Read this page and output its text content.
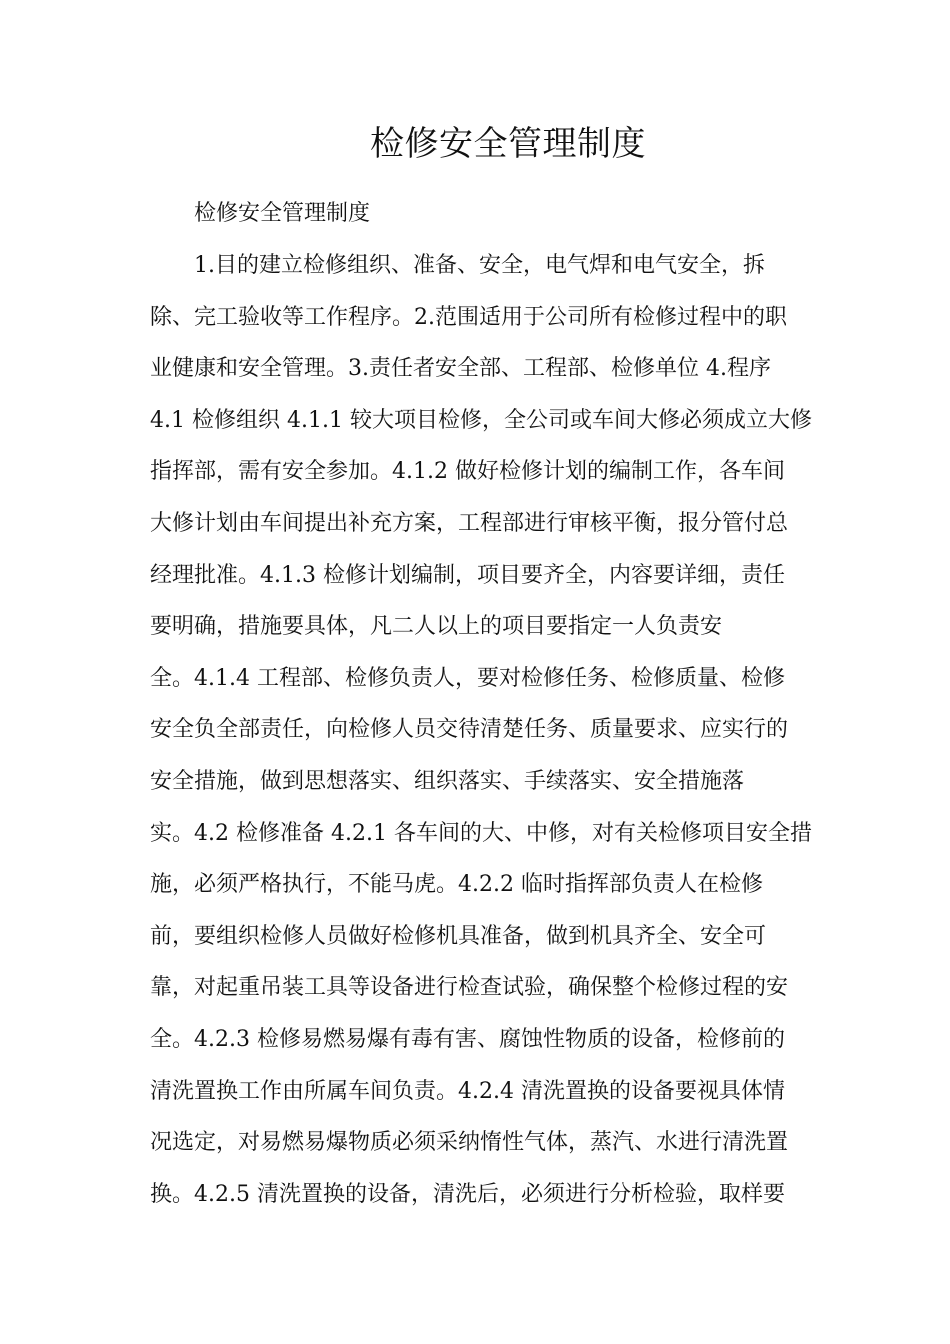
检修安全管理制度

检修安全管理制度

1.目的建立检修组织、准备、安全，电气焊和电气安全，拆
除、完工验收等工作程序。2.范围适用于公司所有检修过程中的职
业健康和安全管理。3.责任者安全部、工程部、检修单位 4.程序
4.1 检修组织 4.1.1 较大项目检修，全公司或车间大修必须成立大修
指挥部，需有安全参加。4.1.2 做好检修计划的编制工作，各车间
大修计划由车间提出补充方案，工程部进行审核平衡，报分管付总
经理批准。4.1.3 检修计划编制，项目要齐全，内容要详细，责任
要明确，措施要具体，凡二人以上的项目要指定一人负责安
全。4.1.4 工程部、检修负责人，要对检修任务、检修质量、检修
安全负全部责任，向检修人员交待清楚任务、质量要求、应实行的
安全措施，做到思想落实、组织落实、手续落实、安全措施落
实。4.2 检修准备 4.2.1 各车间的大、中修，对有关检修项目安全措
施，必须严格执行，不能马虎。4.2.2 临时指挥部负责人在检修
前，要组织检修人员做好检修机具准备，做到机具齐全、安全可
靠，对起重吊装工具等设备进行检查试验，确保整个检修过程的安
全。4.2.3 检修易燃易爆有毒有害、腐蚀性物质的设备，检修前的
清洗置换工作由所属车间负责。4.2.4 清洗置换的设备要视具体情
况选定，对易燃易爆物质必须采纳惰性气体，蒸汽、水进行清洗置
换。4.2.5 清洗置换的设备，清洗后，必须进行分析检验，取样要
